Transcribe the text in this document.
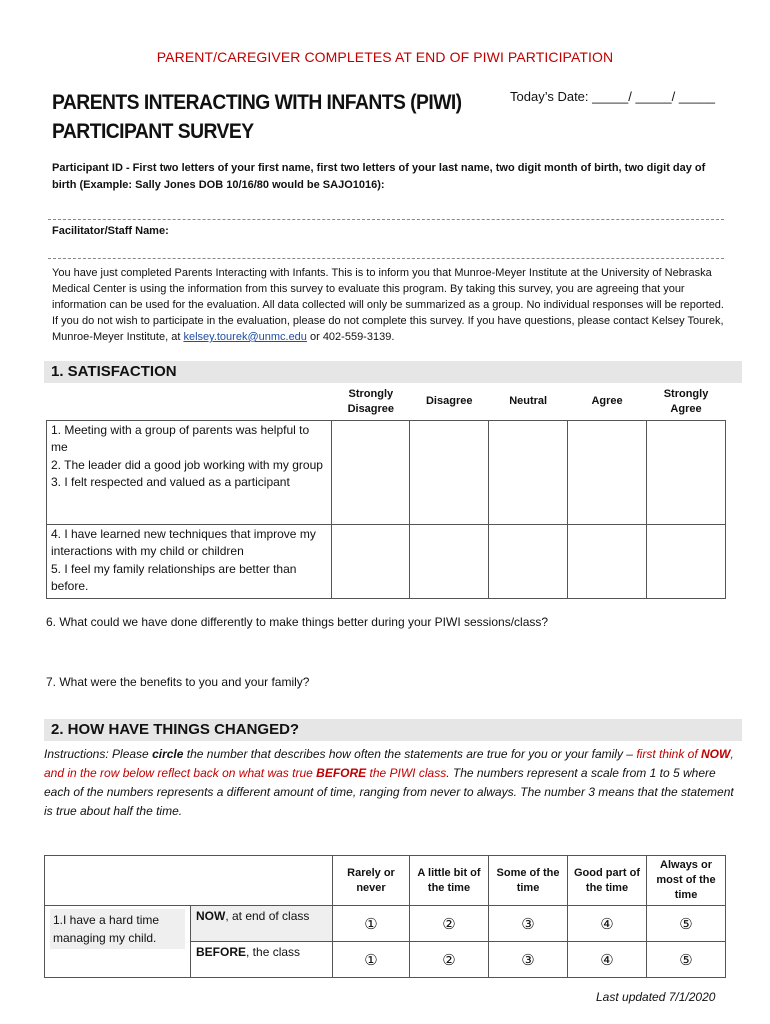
PARENT/CAREGIVER COMPLETES AT END OF PIWI PARTICIPATION
PARENTS INTERACTING WITH INFANTS (PIWI)
PARTICIPANT SURVEY
Today’s Date: _____/ _____/ _____
Participant ID - First two letters of your first name, first two letters of your last name, two digit month of birth, two digit day of birth (Example: Sally Jones DOB 10/16/80 would be SAJO1016):
Facilitator/Staff Name:
You have just completed Parents Interacting with Infants. This is to inform you that Munroe-Meyer Institute at the University of Nebraska Medical Center is using the information from this survey to evaluate this program. By taking this survey, you are agreeing that your information can be used for the evaluation. All data collected will only be summarized as a group. No individual responses will be reported. If you do not wish to participate in the evaluation, please do not complete this survey. If you have questions, please contact Kelsey Tourek, Munroe-Meyer Institute, at kelsey.tourek@unmc.edu or 402-559-3139.
1. SATISFACTION
	Strongly Disagree	Disagree	Neutral	Agree	Strongly Agree

1. Meeting with a group of parents was helpful to me
2. The leader did a good job working with my group
3. I felt respected and valued as a participant					

4. I have learned new techniques that improve my interactions with my child or children
5. I feel my family relationships are better than before.					

6. What could we have done differently to make things better during your PIWI sessions/class?
7. What were the benefits to you and your family?
2. HOW HAVE THINGS CHANGED?
Instructions: Please circle the number that describes how often the statements are true for you or your family – first think of NOW, and in the row below reflect back on what was true BEFORE the PIWI class. The numbers represent a scale from 1 to 5 where each of the numbers represents a different amount of time, ranging from never to always. The number 3 means that the statement is true about half the time.
		Rarely or never	A little bit of the time	Some of the time	Good part of the time	Always or most of the time

1.I have a hard time managing my child.	NOW, at end of class	①	②	③	④	⑤
	BEFORE, the class	①	②	③	④	⑤
Last updated 7/1/2020
